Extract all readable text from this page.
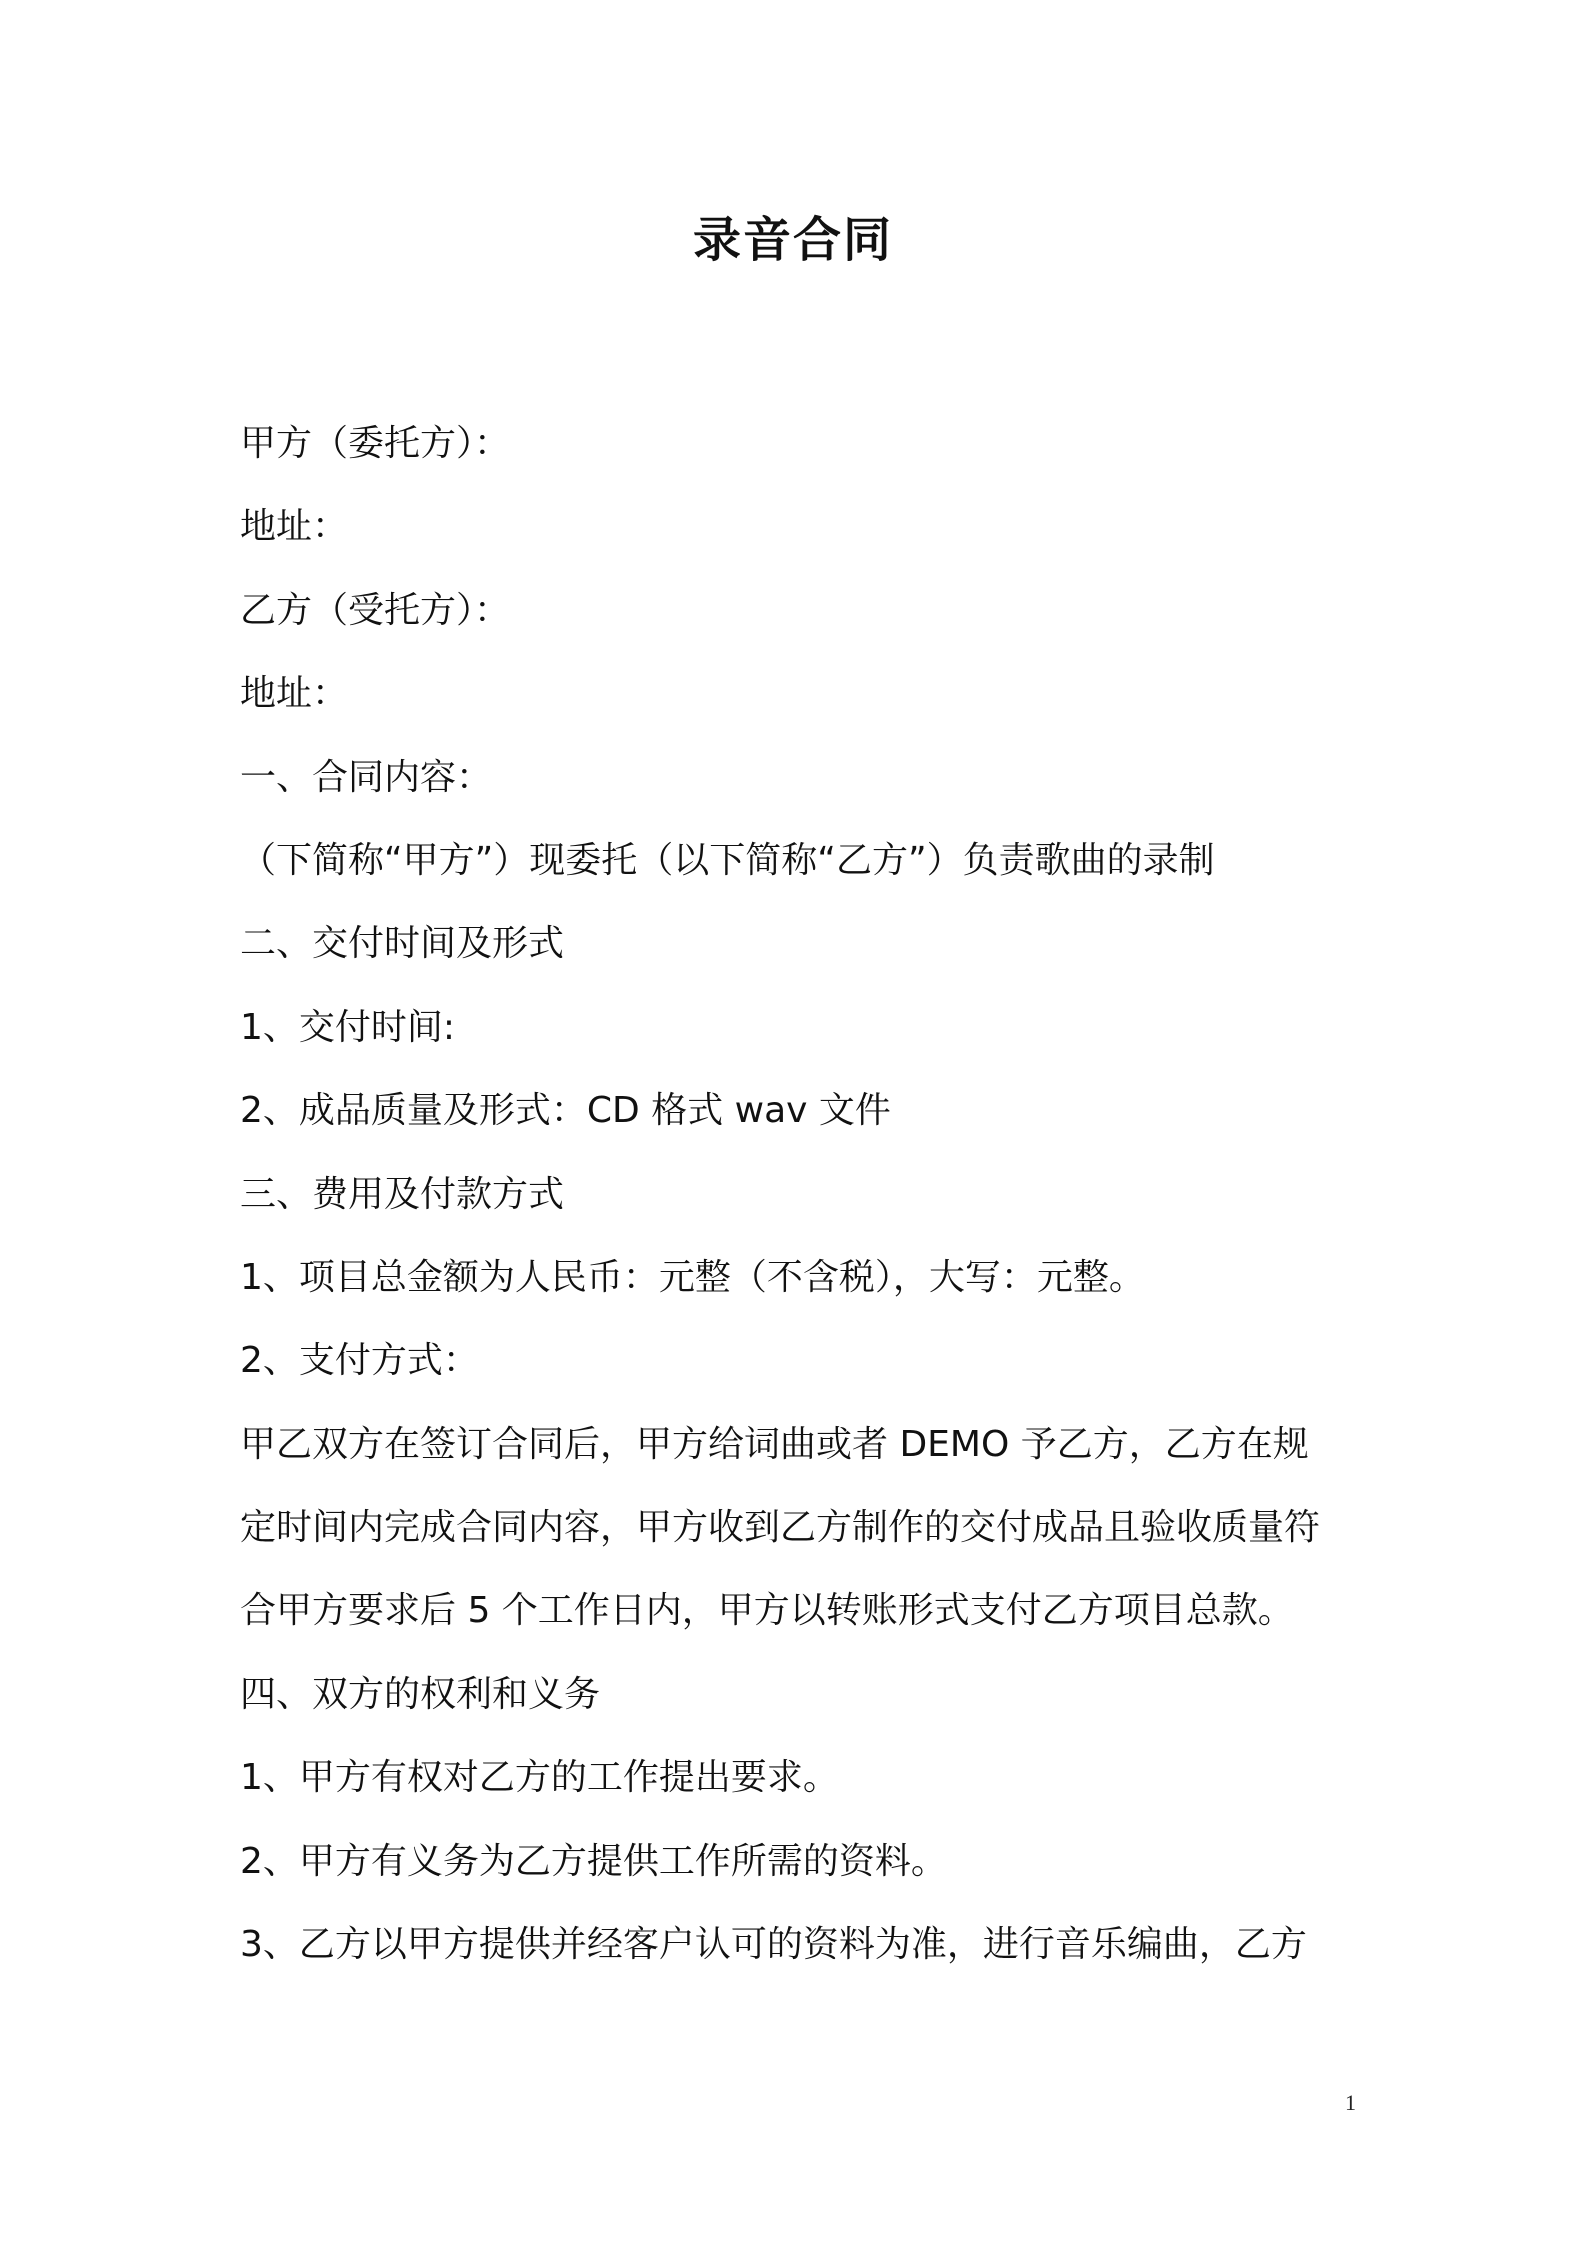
录音合同
甲方（委托方）：
地址：
乙方（受托方）：
地址：
一、合同内容：
（下简称“甲方”）现委托（以下简称“乙方”）负责歌曲的录制
二、交付时间及形式
1、交付时间:
2、成品质量及形式：CD 格式 wav 文件
三、费用及付款方式
1、项目总金额为人民币：元整（不含税），大写：元整。
2、支付方式：
甲乙双方在签订合同后，甲方给词曲或者 DEMO 予乙方，乙方在规
定时间内完成合同内容，甲方收到乙方制作的交付成品且验收质量符
合甲方要求后 5 个工作日内，甲方以转账形式支付乙方项目总款。
四、双方的权利和义务
1、甲方有权对乙方的工作提出要求。
2、甲方有义务为乙方提供工作所需的资料。
3、乙方以甲方提供并经客户认可的资料为准，进行音乐编曲，乙方
1
